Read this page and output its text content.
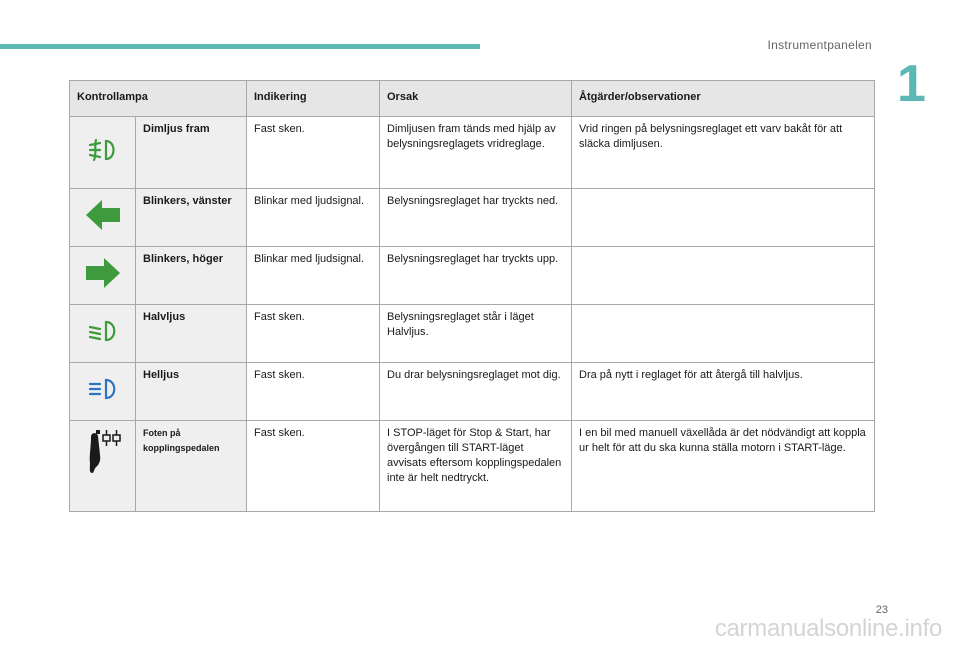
Instrumentpanelen
1
Kontrollampa		Indikering	Orsak	Åtgärder/observationer
	Dimljus fram	Fast sken.	Dimljusen fram tänds med hjälp av belysningsreglagets vridreglage.	Vrid ringen på belysningsreglaget ett varv bakåt för att släcka dimljusen.
	Blinkers, vänster	Blinkar med ljudsignal.	Belysningsreglaget har tryckts ned.	
	Blinkers, höger	Blinkar med ljudsignal.	Belysningsreglaget har tryckts upp.	
	Halvljus	Fast sken.	Belysningsreglaget står i läget Halvljus.	
	Helljus	Fast sken.	Du drar belysningsreglaget mot dig.	Dra på nytt i reglaget för att återgå till halvljus.
	Foten på kopplingspedalen	Fast sken.	I STOP-läget för Stop & Start, har övergången till START-läget avvisats eftersom kopplingspedalen inte är helt nedtryckt.	I en bil med manuell växellåda är det nödvändigt att koppla ur helt för att du ska kunna ställa motorn i START-läge.
23
carmanualsonline.info
